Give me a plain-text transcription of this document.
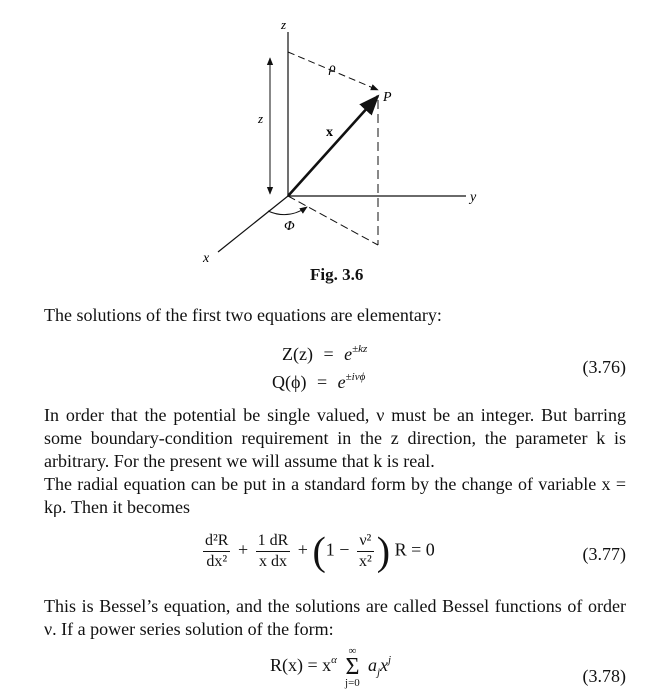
z
z
ρ
P
x
y
x
Φ
Fig. 3.6

The solutions of the first two equations are elementary:

$Z(z) = e^{\pm kz}$
$Q(\phi) = e^{\pm i\nu\phi}$	(3.76)

In order that the potential be single valued, ν must be an integer. But barring some boundary-condition requirement in the z direction, the parameter k is arbitrary. For the present we will assume that k is real.

The radial equation can be put in a standard form by the change of variable x = kρ. Then it becomes

$\frac{\text{d²R}}{\text{dx²}} + \frac{1 dR}{\text{x dx}} + (1 - \frac{\text{ν²}}{\text{x²}}$ ) R = 0	(3.77)

This is Bessel’s equation, and the solutions are called Bessel functions of order ν. If a power series solution of the form:

$R(x) = x^\alpha$
∞
Σ
j=0
$a_jx^j$
(3.78)
